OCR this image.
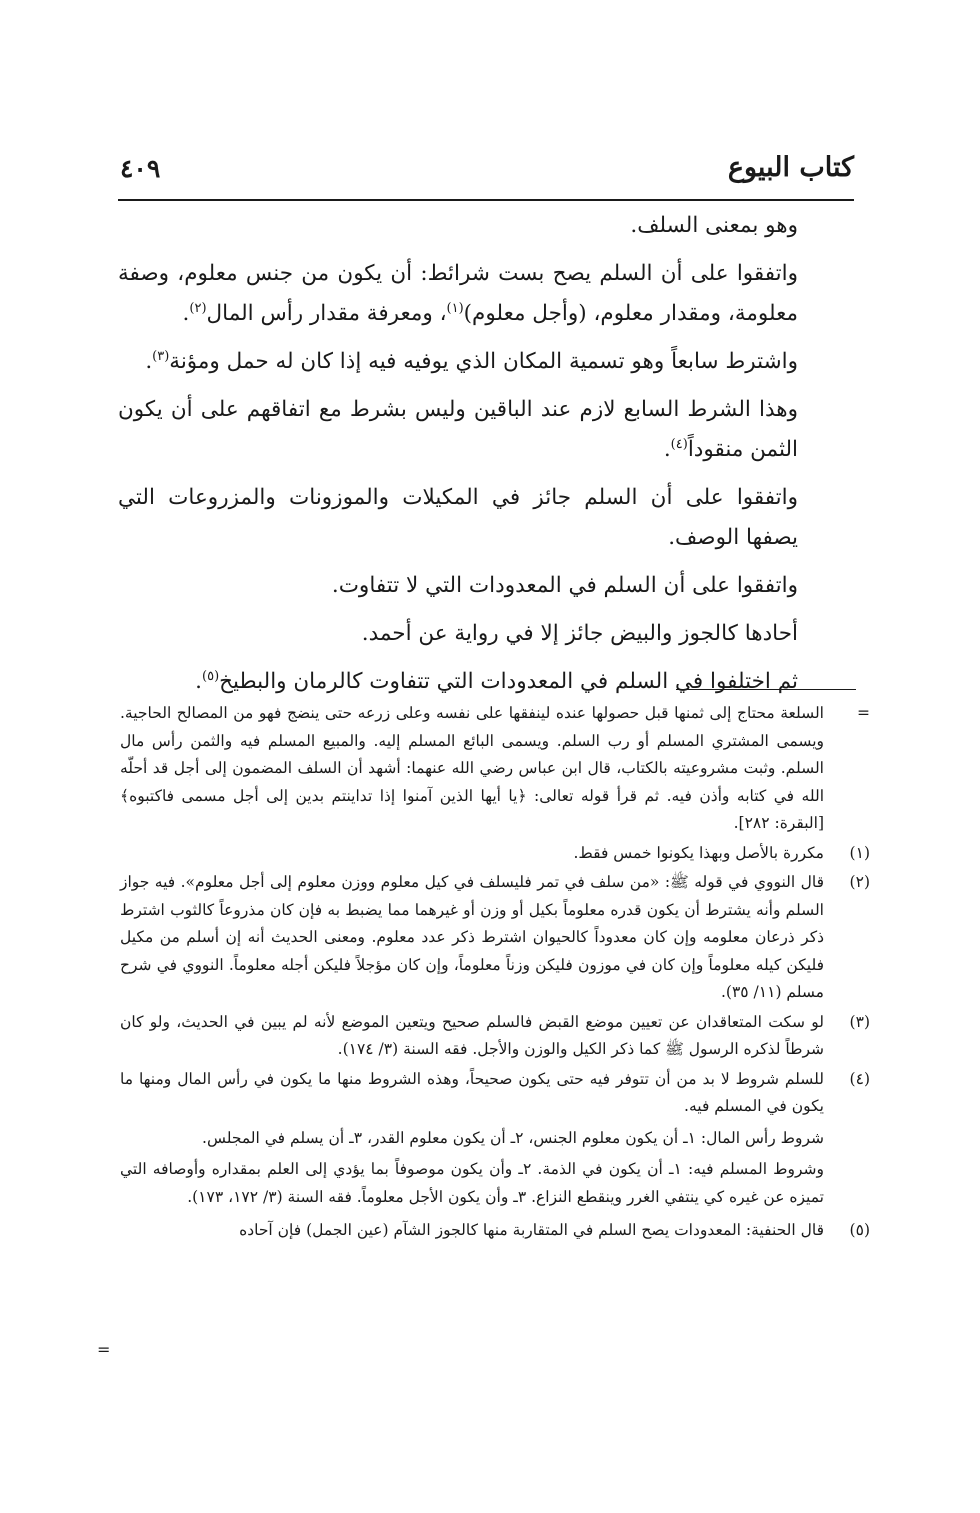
كتاب البيوع
٤٠٩

وهو بمعنى السلف.

واتفقوا على أن السلم يصح بست شرائط: أن يكون من جنس معلوم، وصفة معلومة، ومقدار معلوم، (وأجل معلوم)$^{(١)}$، ومعرفة مقدار رأس المال$^{(٢)}$.

واشترط سابعاً وهو تسمية المكان الذي يوفيه فيه إذا كان له حمل ومؤنة$^{(٣)}$.

وهذا الشرط السابع لازم عند الباقين وليس بشرط مع اتفاقهم على أن يكون الثمن منقوداً$^{(٤)}$.

واتفقوا على أن السلم جائز في المكيلات والموزونات والمزروعات التي يصفها الوصف.

واتفقوا على أن السلم في المعدودات التي لا تتفاوت.

أحادها كالجوز والبيض جائز إلا في رواية عن أحمد.

ثم اختلفوا في السلم في المعدودات التي تتفاوت كالرمان والبطيخ$^{(٥)}$.

=
السلعة محتاج إلى ثمنها قبل حصولها عنده لينفقها على نفسه وعلى زرعه حتى ينضج فهو من المصالح الحاجية. ويسمى المشتري المسلم أو رب السلم. ويسمى البائع المسلم إليه. والمبيع المسلم فيه والثمن رأس مال السلم. وثبت مشروعيته بالكتاب، قال ابن عباس رضي الله عنهما: أشهد أن السلف المضمون إلى أجل قد أحلّه الله في كتابه وأذن فيه. ثم قرأ قوله تعالى: ﴿يا أيها الذين آمنوا إذا تداينتم بدين إلى أجل مسمى فاكتبوه﴾ [البقرة: ٢٨٢].
(١)
مكررة بالأصل وبهذا يكونوا خمس فقط.
(٢)
قال النووي في قوله ﷺ: «من سلف في تمر فليسلف في كيل معلوم ووزن معلوم إلى أجل معلوم». فيه جواز السلم وأنه يشترط أن يكون قدره معلوماً بكيل أو وزن أو غيرهما مما يضبط به فإن كان مذروعاً كالثوب اشترط ذكر ذرعان معلومه وإن كان معدوداً كالحيوان اشترط ذكر عدد معلوم. ومعنى الحديث أنه إن أسلم من مكيل فليكن كيله معلوماً وإن كان في موزون فليكن وزناً معلوماً، وإن كان مؤجلاً فليكن أجله معلوماً. النووي في شرح مسلم (١١/ ٣٥).
(٣)
لو سكت المتعاقدان عن تعيين موضع القبض فالسلم صحيح ويتعين الموضع لأنه لم يبين في الحديث، ولو كان شرطاً لذكره الرسول ﷺ كما ذكر الكيل والوزن والأجل. فقه السنة (٣/ ١٧٤).
(٤)

للسلم شروط لا بد من أن تتوفر فيه حتى يكون صحيحاً، وهذه الشروط منها ما يكون في رأس المال ومنها ما يكون في المسلم فيه.

شروط رأس المال: ١ـ أن يكون معلوم الجنس، ٢ـ أن يكون معلوم القدر، ٣ـ أن يسلم في المجلس.

وشروط المسلم فيه: ١ـ أن يكون في الذمة. ٢ـ وأن يكون موصوفاً بما يؤدي إلى العلم بمقداره وأوصافه التي تميزه عن غيره كي ينتفي الغرر وينقطع النزاع. ٣ـ وأن يكون الأجل معلوماً. فقه السنة (٣/ ١٧٢، ١٧٣).

(٥)
قال الحنفية: المعدودات يصح السلم في المتقاربة منها كالجوز الشآم (عين الجمل) فإن آحاده
=
